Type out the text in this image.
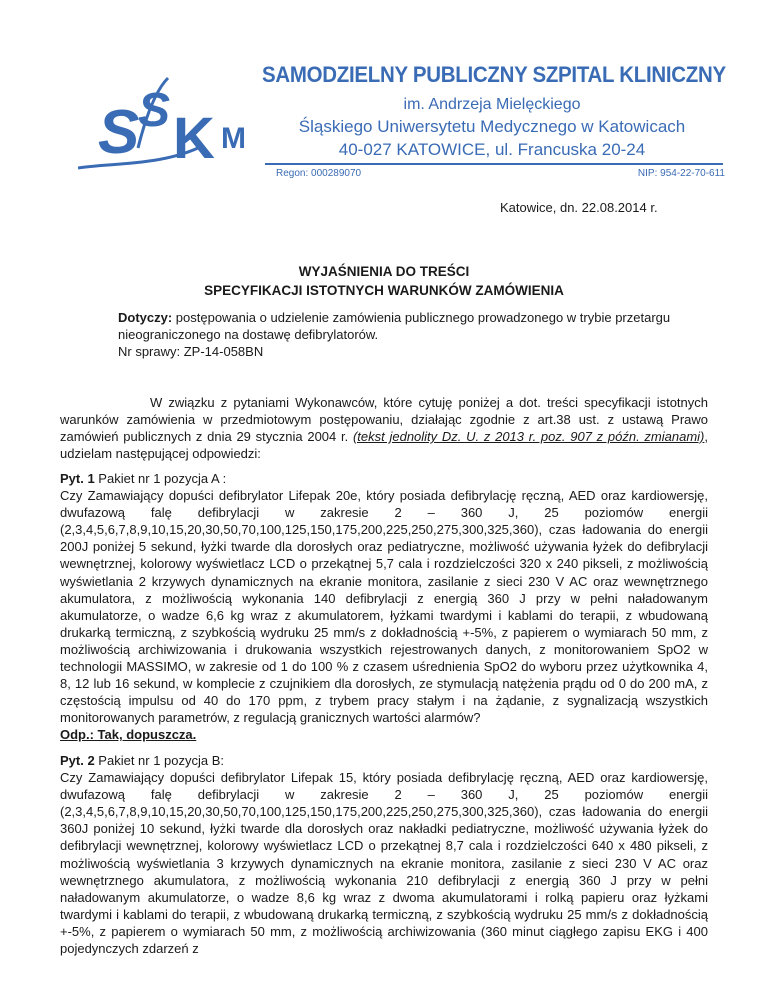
S
S K M
SAMODZIELNY PUBLICZNY SZPITAL KLINICZNY
im. Andrzeja Mielęckiego
Śląskiego Uniwersytetu Medycznego w Katowicach
40-027 KATOWICE, ul. Francuska 20-24
Regon: 000289070	NIP: 954-22-70-611
Katowice, dn. 22.08.2014 r.
WYJAŚNIENIA DO TREŚCI
SPECYFIKACJI ISTOTNYCH WARUNKÓW ZAMÓWIENIA
Dotyczy: postępowania o udzielenie zamówienia publicznego prowadzonego w trybie przetargu nieograniczonego na dostawę defibrylatorów.
Nr sprawy: ZP-14-058BN
W związku z pytaniami Wykonawców, które cytuję poniżej a dot. treści specyfikacji istotnych warunków zamówienia w przedmiotowym postępowaniu, działając zgodnie z art.38 ust. z ustawą Prawo zamówień publicznych z dnia 29 stycznia 2004 r. (tekst jednolity Dz. U. z 2013 r. poz. 907 z późn. zmianami), udzielam następującej odpowiedzi:
Pyt. 1 Pakiet nr 1 pozycja A :
Czy Zamawiający dopuści defibrylator Lifepak 20e, który posiada defibrylację ręczną, AED oraz kardiowersję, dwufazową falę defibrylacji w zakresie 2 – 360 J, 25 poziomów energii (2,3,4,5,6,7,8,9,10,15,20,30,50,70,100,125,150,175,200,225,250,275,300,325,360), czas ładowania do energii 200J poniżej 5 sekund, łyżki twarde dla dorosłych oraz pediatryczne, możliwość używania łyżek do defibrylacji wewnętrznej, kolorowy wyświetlacz LCD o przekątnej 5,7 cala i rozdzielczości 320 x 240 pikseli, z możliwością wyświetlania 2 krzywych dynamicznych na ekranie monitora, zasilanie z sieci 230 V AC oraz wewnętrznego akumulatora, z możliwością wykonania 140 defibrylacji z energią 360 J przy w pełni naładowanym akumulatorze, o wadze 6,6 kg wraz z akumulatorem, łyżkami twardymi i kablami do terapii, z wbudowaną drukarką termiczną, z szybkością wydruku 25 mm/s z dokładnością +-5%, z papierem o wymiarach 50 mm, z możliwością archiwizowania i drukowania wszystkich rejestrowanych danych, z monitorowaniem SpO2 w technologii MASSIMO, w zakresie od 1 do 100 % z czasem uśrednienia SpO2 do wyboru przez użytkownika 4, 8, 12 lub 16 sekund, w komplecie z czujnikiem dla dorosłych, ze stymulacją natężenia prądu od 0 do 200 mA, z częstością impulsu od 40 do 170 ppm, z trybem pracy stałym i na żądanie, z sygnalizacją wszystkich monitorowanych parametrów, z regulacją granicznych wartości alarmów?
Odp.: Tak, dopuszcza.
Pyt. 2 Pakiet nr 1 pozycja B:
Czy Zamawiający dopuści defibrylator Lifepak 15, który posiada defibrylację ręczną, AED oraz kardiowersję, dwufazową falę defibrylacji w zakresie 2 – 360 J, 25 poziomów energii (2,3,4,5,6,7,8,9,10,15,20,30,50,70,100,125,150,175,200,225,250,275,300,325,360), czas ładowania do energii 360J poniżej 10 sekund, łyżki twarde dla dorosłych oraz nakładki pediatryczne, możliwość używania łyżek do defibrylacji wewnętrznej, kolorowy wyświetlacz LCD o przekątnej 8,7 cala i rozdzielczości 640 x 480 pikseli, z możliwością wyświetlania 3 krzywych dynamicznych na ekranie monitora, zasilanie z sieci 230 V AC oraz wewnętrznego akumulatora, z możliwością wykonania 210 defibrylacji z energią 360 J przy w pełni naładowanym akumulatorze, o wadze 8,6 kg wraz z dwoma akumulatorami i rolką papieru oraz łyżkami twardymi i kablami do terapii, z wbudowaną drukarką termiczną, z szybkością wydruku 25 mm/s z dokładnością +-5%, z papierem o wymiarach 50 mm, z możliwością archiwizowania (360 minut ciągłego zapisu EKG i 400 pojedynczych zdarzeń z
